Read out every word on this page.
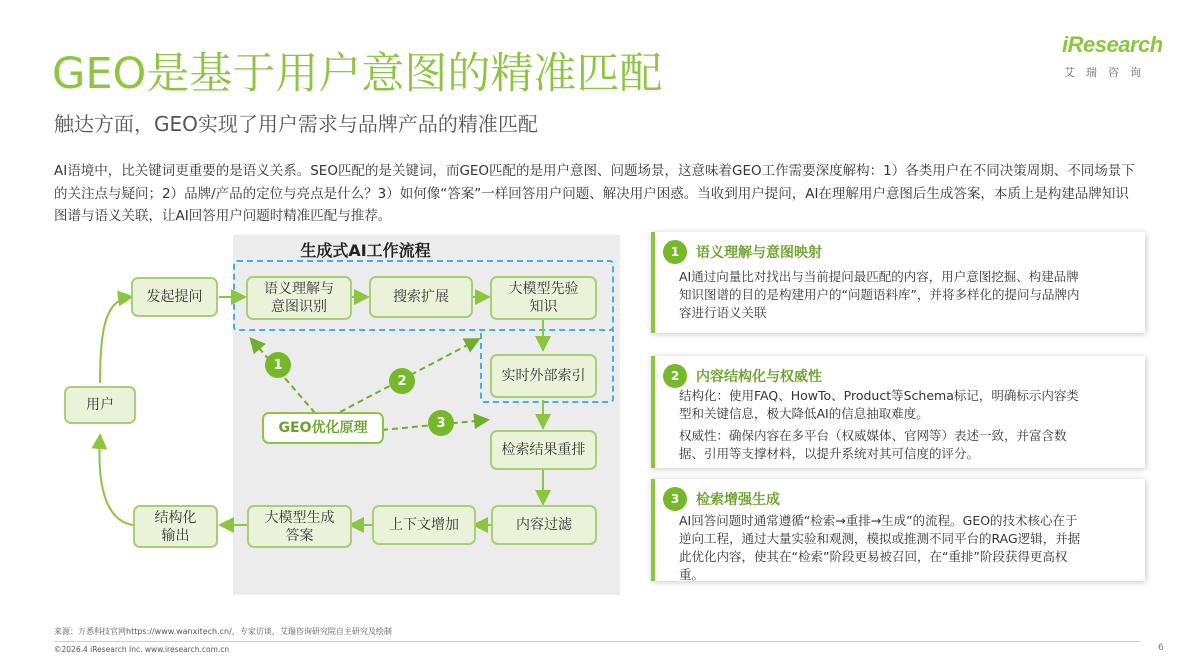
GEO是基于用户意图的精准匹配
触达方面，GEO实现了用户需求与品牌产品的精准匹配
iResearch
艾瑞咨询
AI语境中，比关键词更重要的是语义关系。SEO匹配的是关键词，而GEO匹配的是用户意图、问题场景，这意味着GEO工作需要深度解构：1）各类用户在不同决策周期、不同场景下的关注点与疑问；2）品牌/产品的定位与亮点是什么？3）如何像“答案”一样回答用户问题、解决用户困惑。当收到用户提问，AI在理解用户意图后生成答案，本质上是构建品牌知识图谱与语义关联，让AI回答用户问题时精准匹配与推荐。
生成式AI工作流程
用户
发起提问	语义理解与
意图识别
搜索扩展	大模型先验
知识
实时外部索引
检索结果重排
内容过滤
上下文增加
大模型生成
答案
结构化
输出
GEO优化原理
1
2
3
1	语义理解与意图映射
AI通过向量比对找出与当前提问最匹配的内容，用户意图挖掘、构建品牌知识图谱的目的是构建用户的“问题语料库”，并将多样化的提问与品牌内容进行语义关联
2	内容结构化与权威性
结构化：使用FAQ、HowTo、Product等Schema标记，明确标示内容类型和关键信息，极大降低AI的信息抽取难度。
权威性：确保内容在多平台（权威媒体、官网等）表述一致，并富含数据、引用等支撑材料，以提升系统对其可信度的评分。
3	检索增强生成
AI回答问题时通常遵循“检索→重排→生成”的流程。GEO的技术核心在于逆向工程，通过大量实验和观测，模拟或推测不同平台的RAG逻辑，并据此优化内容，使其在“检索”阶段更易被召回，在“重排”阶段获得更高权重。
来源：万悉科技官网https://www.wanxitech.cn/，专家访谈，艾瑞咨询研究院自主研究及绘制
©2026.4 iResearch Inc. www.iresearch.com.cn	6
